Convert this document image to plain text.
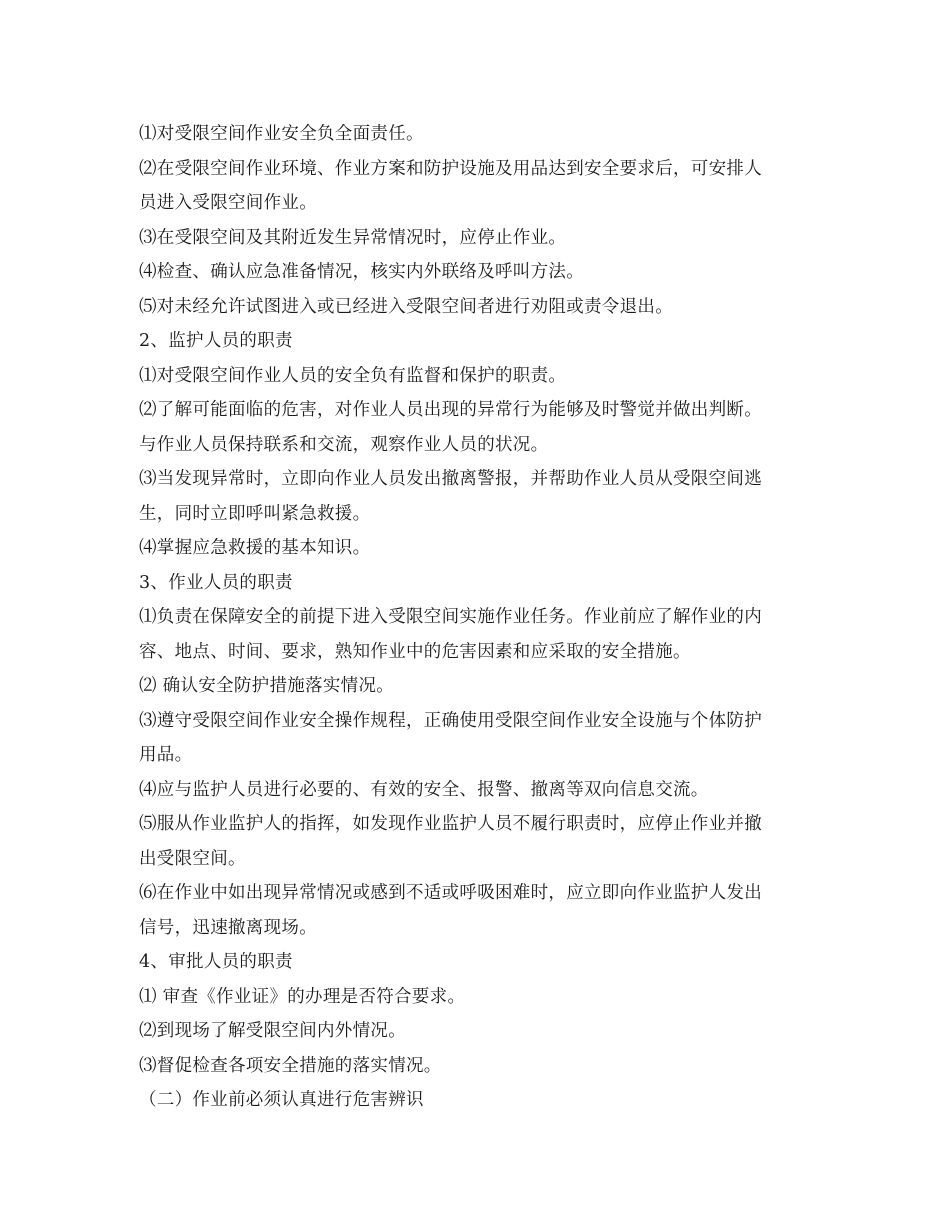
⑴对受限空间作业安全负全面责任。
⑵在受限空间作业环境、作业方案和防护设施及用品达到安全要求后，可安排人
员进入受限空间作业。
⑶在受限空间及其附近发生异常情况时，应停止作业。
⑷检查、确认应急准备情况，核实内外联络及呼叫方法。
⑸对未经允许试图进入或已经进入受限空间者进行劝阻或责令退出。
2、监护人员的职责
⑴对受限空间作业人员的安全负有监督和保护的职责。
⑵了解可能面临的危害，对作业人员出现的异常行为能够及时警觉并做出判断。
与作业人员保持联系和交流，观察作业人员的状况。
⑶当发现异常时，立即向作业人员发出撤离警报，并帮助作业人员从受限空间逃
生，同时立即呼叫紧急救援。
⑷掌握应急救援的基本知识。
3、作业人员的职责
⑴负责在保障安全的前提下进入受限空间实施作业任务。作业前应了解作业的内
容、地点、时间、要求，熟知作业中的危害因素和应采取的安全措施。
⑵ 确认安全防护措施落实情况。
⑶遵守受限空间作业安全操作规程，正确使用受限空间作业安全设施与个体防护
用品。
⑷应与监护人员进行必要的、有效的安全、报警、撤离等双向信息交流。
⑸服从作业监护人的指挥，如发现作业监护人员不履行职责时，应停止作业并撤
出受限空间。
⑹在作业中如出现异常情况或感到不适或呼吸困难时，应立即向作业监护人发出
信号，迅速撤离现场。
4、审批人员的职责
⑴ 审查《作业证》的办理是否符合要求。
⑵到现场了解受限空间内外情况。
⑶督促检查各项安全措施的落实情况。
（二）作业前必须认真进行危害辨识
